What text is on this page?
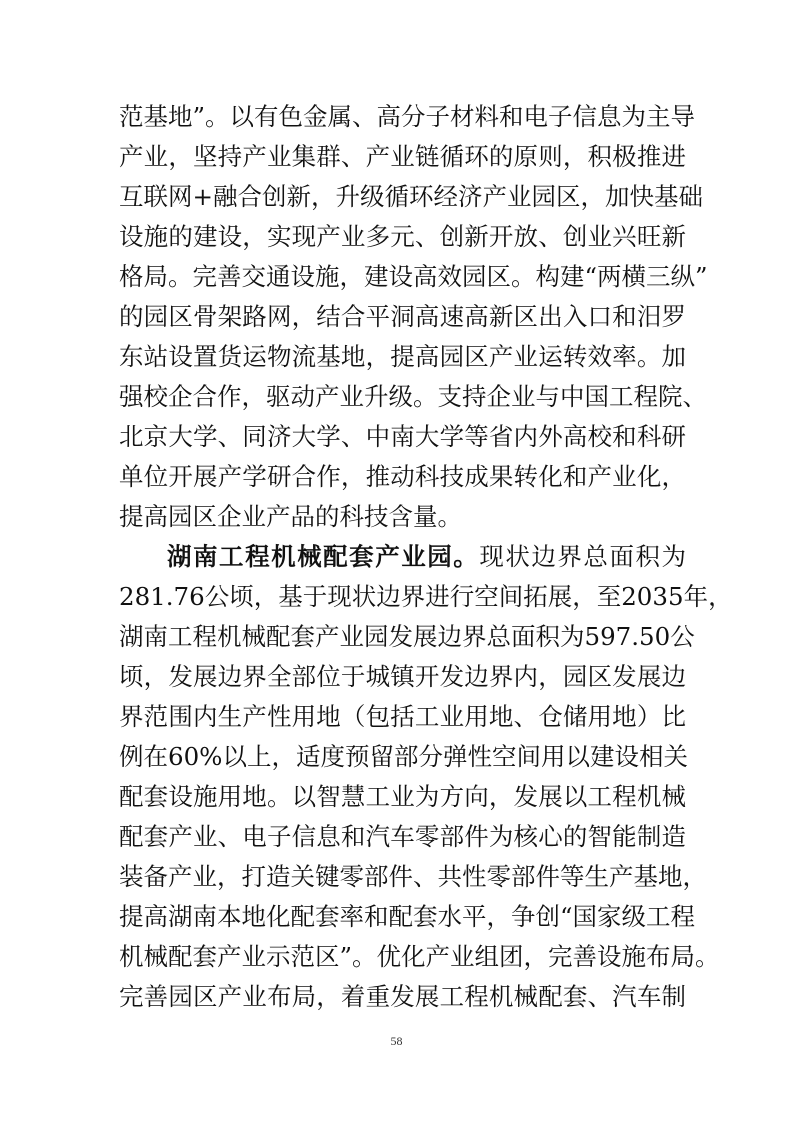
范基地”。以有色金属、高分子材料和电子信息为主导
产业，坚持产业集群、产业链循环的原则，积极推进
互联网+融合创新，升级循环经济产业园区，加快基础
设施的建设，实现产业多元、创新开放、创业兴旺新
格局。完善交通设施，建设高效园区。构建“两横三纵”
的园区骨架路网，结合平洞高速高新区出入口和汨罗
东站设置货运物流基地，提高园区产业运转效率。加
强校企合作，驱动产业升级。支持企业与中国工程院、
北京大学、同济大学、中南大学等省内外高校和科研
单位开展产学研合作，推动科技成果转化和产业化，
提高园区企业产品的科技含量。
湖南工程机械配套产业园。现状边界总面积为
281.76公顷，基于现状边界进行空间拓展，至2035年，
湖南工程机械配套产业园发展边界总面积为597.50公
顷，发展边界全部位于城镇开发边界内，园区发展边
界范围内生产性用地（包括工业用地、仓储用地）比
例在60%以上，适度预留部分弹性空间用以建设相关
配套设施用地。以智慧工业为方向，发展以工程机械
配套产业、电子信息和汽车零部件为核心的智能制造
装备产业，打造关键零部件、共性零部件等生产基地，
提高湖南本地化配套率和配套水平，争创“国家级工程
机械配套产业示范区”。优化产业组团，完善设施布局。
完善园区产业布局，着重发展工程机械配套、汽车制
58
